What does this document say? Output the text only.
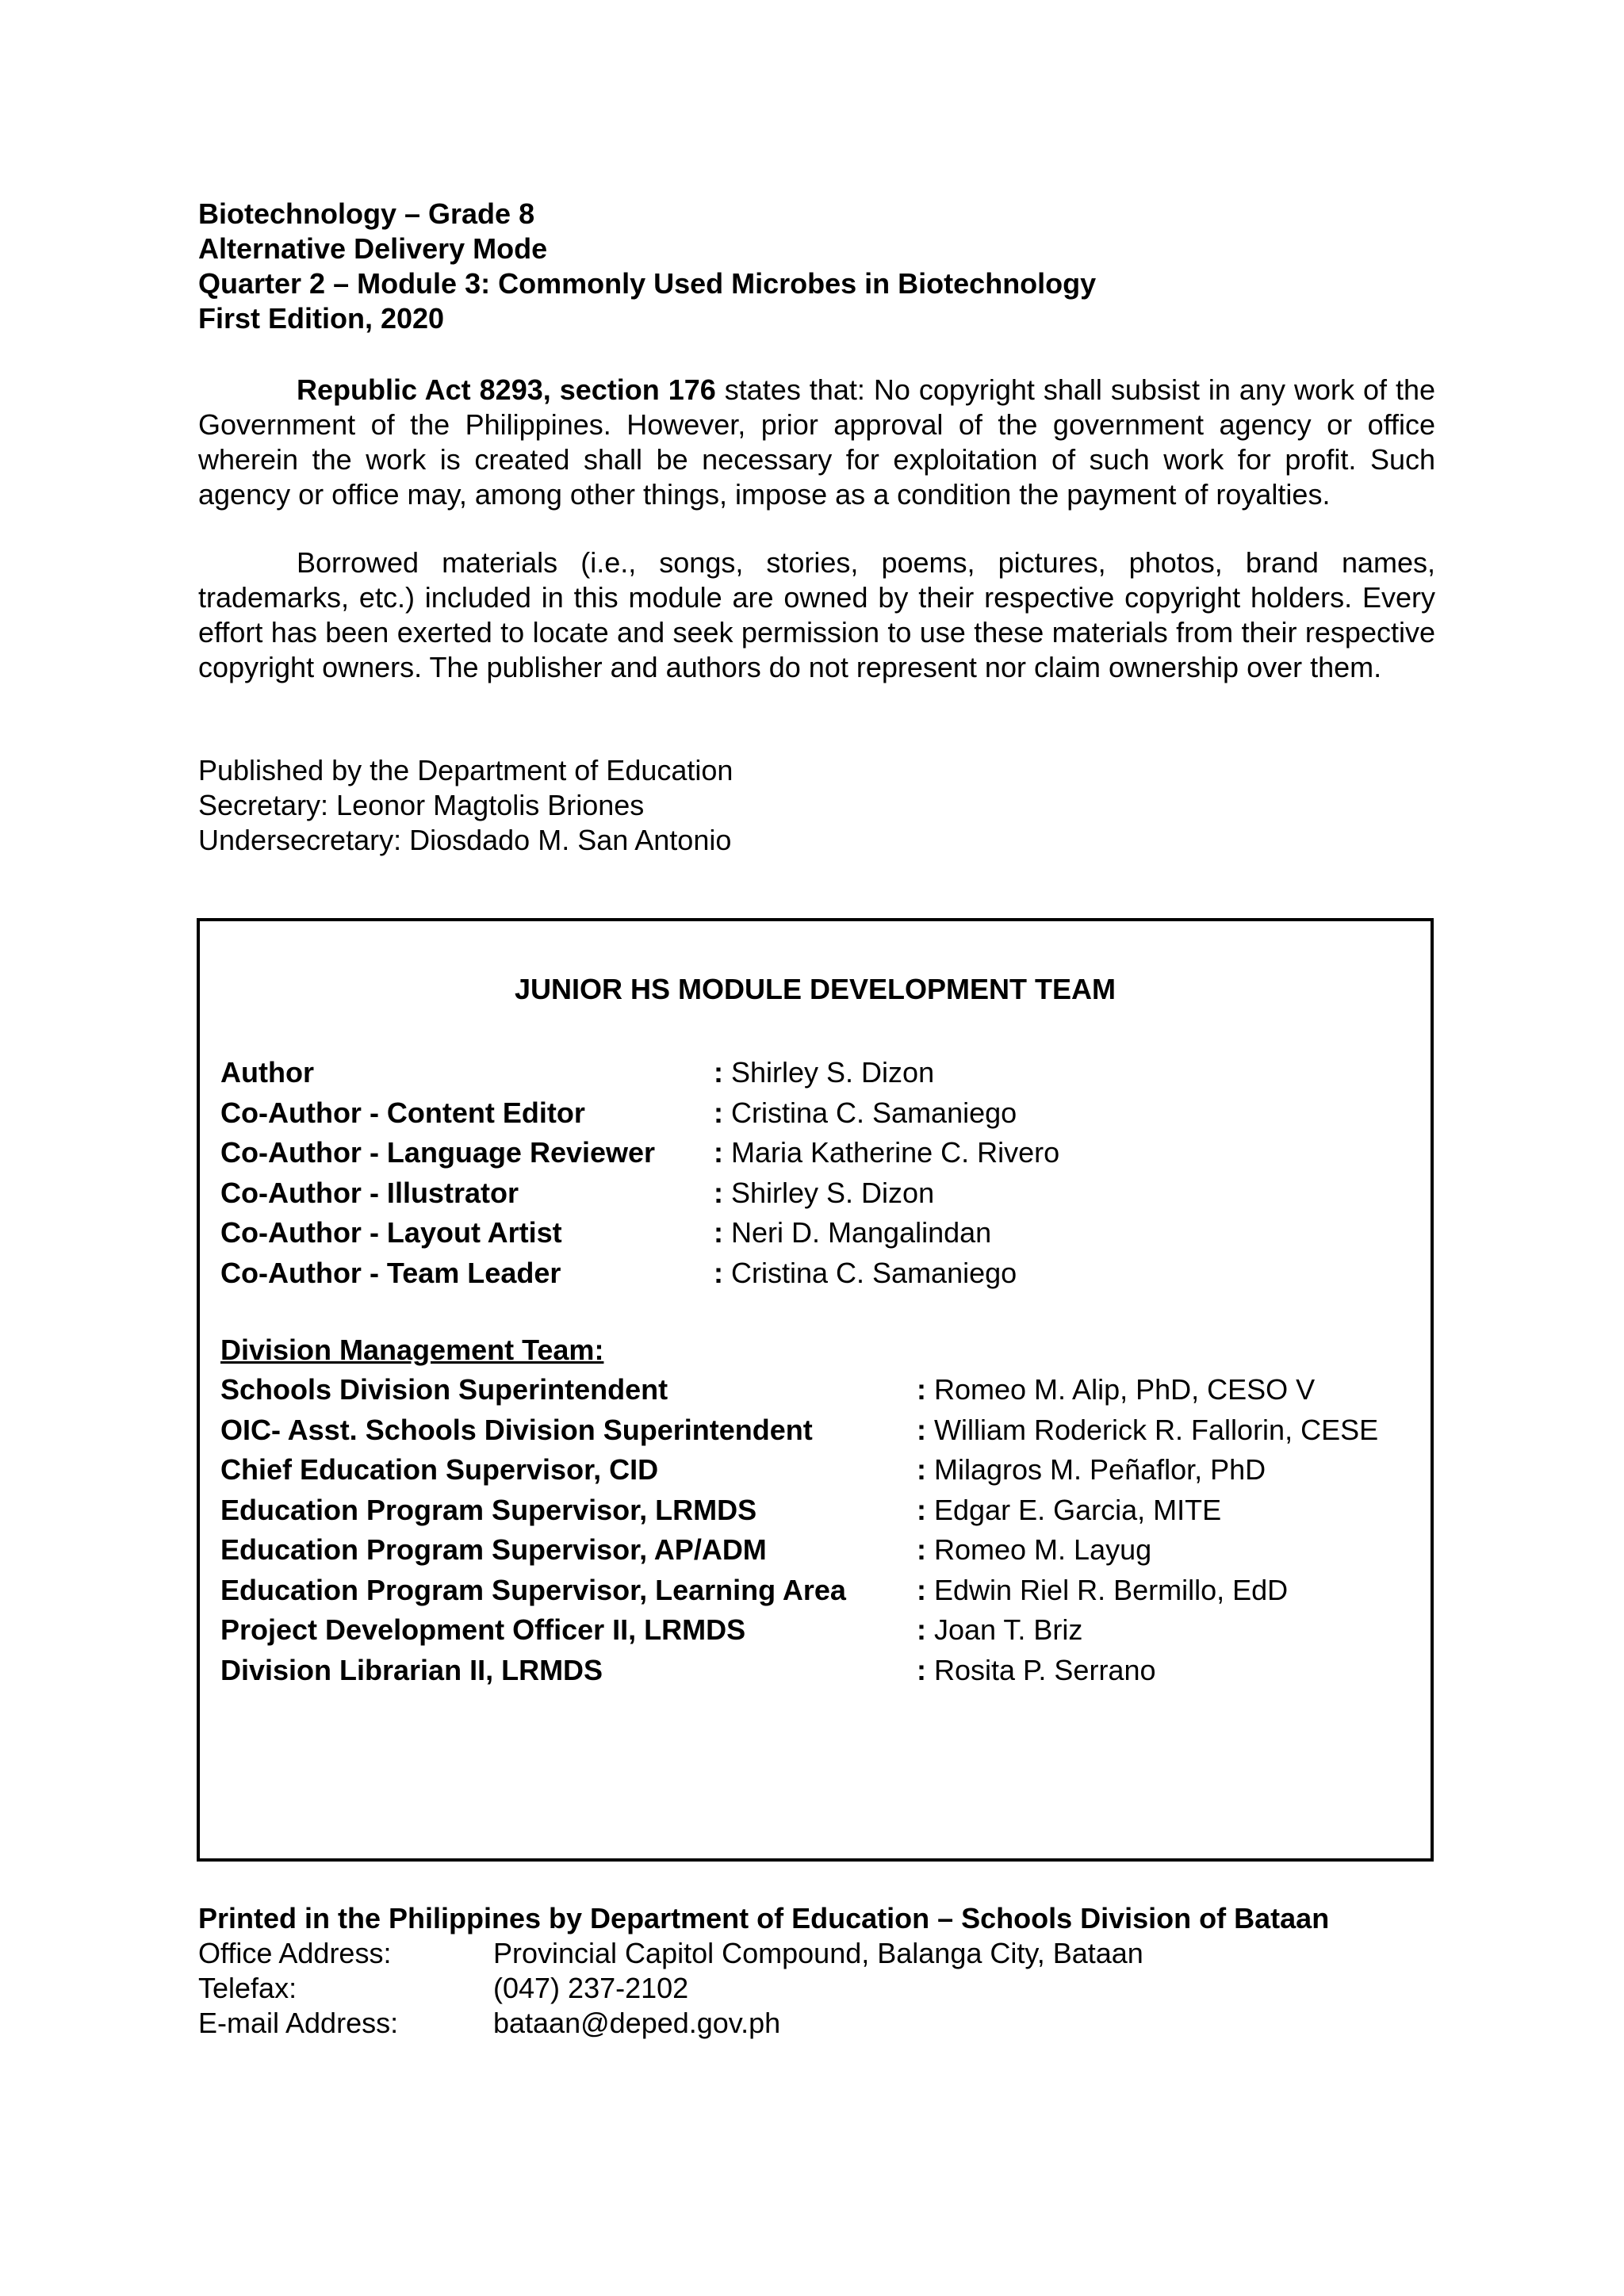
Biotechnology – Grade 8
Alternative Delivery Mode
Quarter 2 – Module 3: Commonly Used Microbes in Biotechnology
First Edition, 2020
Republic Act 8293, section 176 states that: No copyright shall subsist in any work of the Government of the Philippines. However, prior approval of the government agency or office wherein the work is created shall be necessary for exploitation of such work for profit. Such agency or office may, among other things, impose as a condition the payment of royalties.
Borrowed materials (i.e., songs, stories, poems, pictures, photos, brand names, trademarks, etc.) included in this module are owned by their respective copyright holders. Every effort has been exerted to locate and seek permission to use these materials from their respective copyright owners. The publisher and authors do not represent nor claim ownership over them.
Published by the Department of Education
Secretary: Leonor Magtolis Briones
Undersecretary: Diosdado M. San Antonio
JUNIOR HS MODULE DEVELOPMENT TEAM
Author	: Shirley S. Dizon
Co-Author - Content Editor	: Cristina C. Samaniego
Co-Author - Language Reviewer : Maria Katherine C. Rivero
Co-Author - Illustrator	: Shirley S. Dizon
Co-Author - Layout Artist	: Neri D. Mangalindan
Co-Author - Team Leader	: Cristina C. Samaniego
Division Management Team:
Schools Division Superintendent	: Romeo M. Alip, PhD, CESO V
OIC- Asst. Schools Division Superintendent	: William Roderick R. Fallorin, CESE
Chief Education Supervisor, CID	: Milagros M. Peñaflor, PhD
Education Program Supervisor, LRMDS	: Edgar E. Garcia, MITE
Education Program Supervisor, AP/ADM	: Romeo M. Layug
Education Program Supervisor, Learning Area : Edwin Riel R. Bermillo, EdD
Project Development Officer II, LRMDS	: Joan T. Briz
Division Librarian II, LRMDS	: Rosita P. Serrano
Printed in the Philippines by Department of Education – Schools Division of Bataan
Office Address:	Provincial Capitol Compound, Balanga City, Bataan
Telefax:	(047) 237-2102
E-mail Address:	bataan@deped.gov.ph
